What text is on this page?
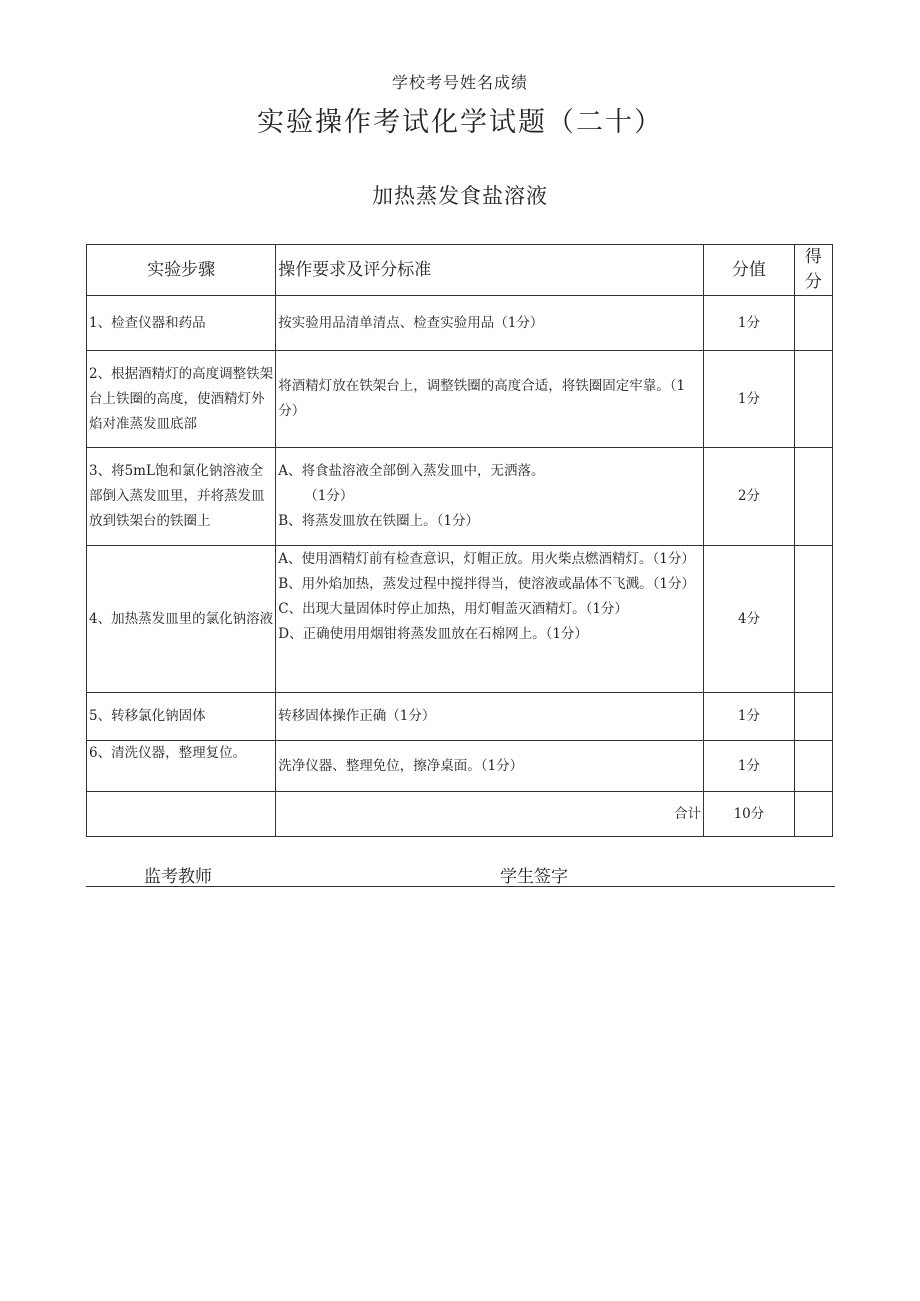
学校考号姓名成绩
实验操作考试化学试题（二十）
加热蒸发食盐溶液
实验步骤	操作要求及评分标准	分值	得分
1、检查仪器和药品	按实验用品清单清点、检查实验用品（1分）	1分	
2、根据酒精灯的高度调整铁架台上铁圈的高度，使酒精灯外焰对准蒸发皿底部	将酒精灯放在铁架台上，调整铁圈的高度合适，将铁圈固定牢靠。（1分）	1分	
3、将5mL饱和氯化钠溶液全部倒入蒸发皿里，并将蒸发皿放到铁架台的铁圈上	A、将食盐溶液全部倒入蒸发皿中，无洒落。
（1分）
B、将蒸发皿放在铁圈上。（1分）	2分	
4、加热蒸发皿里的氯化钠溶液	A、使用酒精灯前有检查意识，灯帽正放。用火柴点燃酒精灯。（1分）
B、用外焰加热，蒸发过程中搅拌得当，使溶液或晶体不飞溅。（1分）
C、出现大量固体时停止加热，用灯帽盖灭酒精灯。（1分）
D、正确使用用烟钳将蒸发皿放在石棉网上。（1分）	4分	
5、转移氯化钠固体	转移固体操作正确（1分）	1分	
6、清洗仪器，整理复位。	洗净仪器、整理免位，擦净桌面。（1分）	1分	
	合计	10分	
监考教师	学生签字
